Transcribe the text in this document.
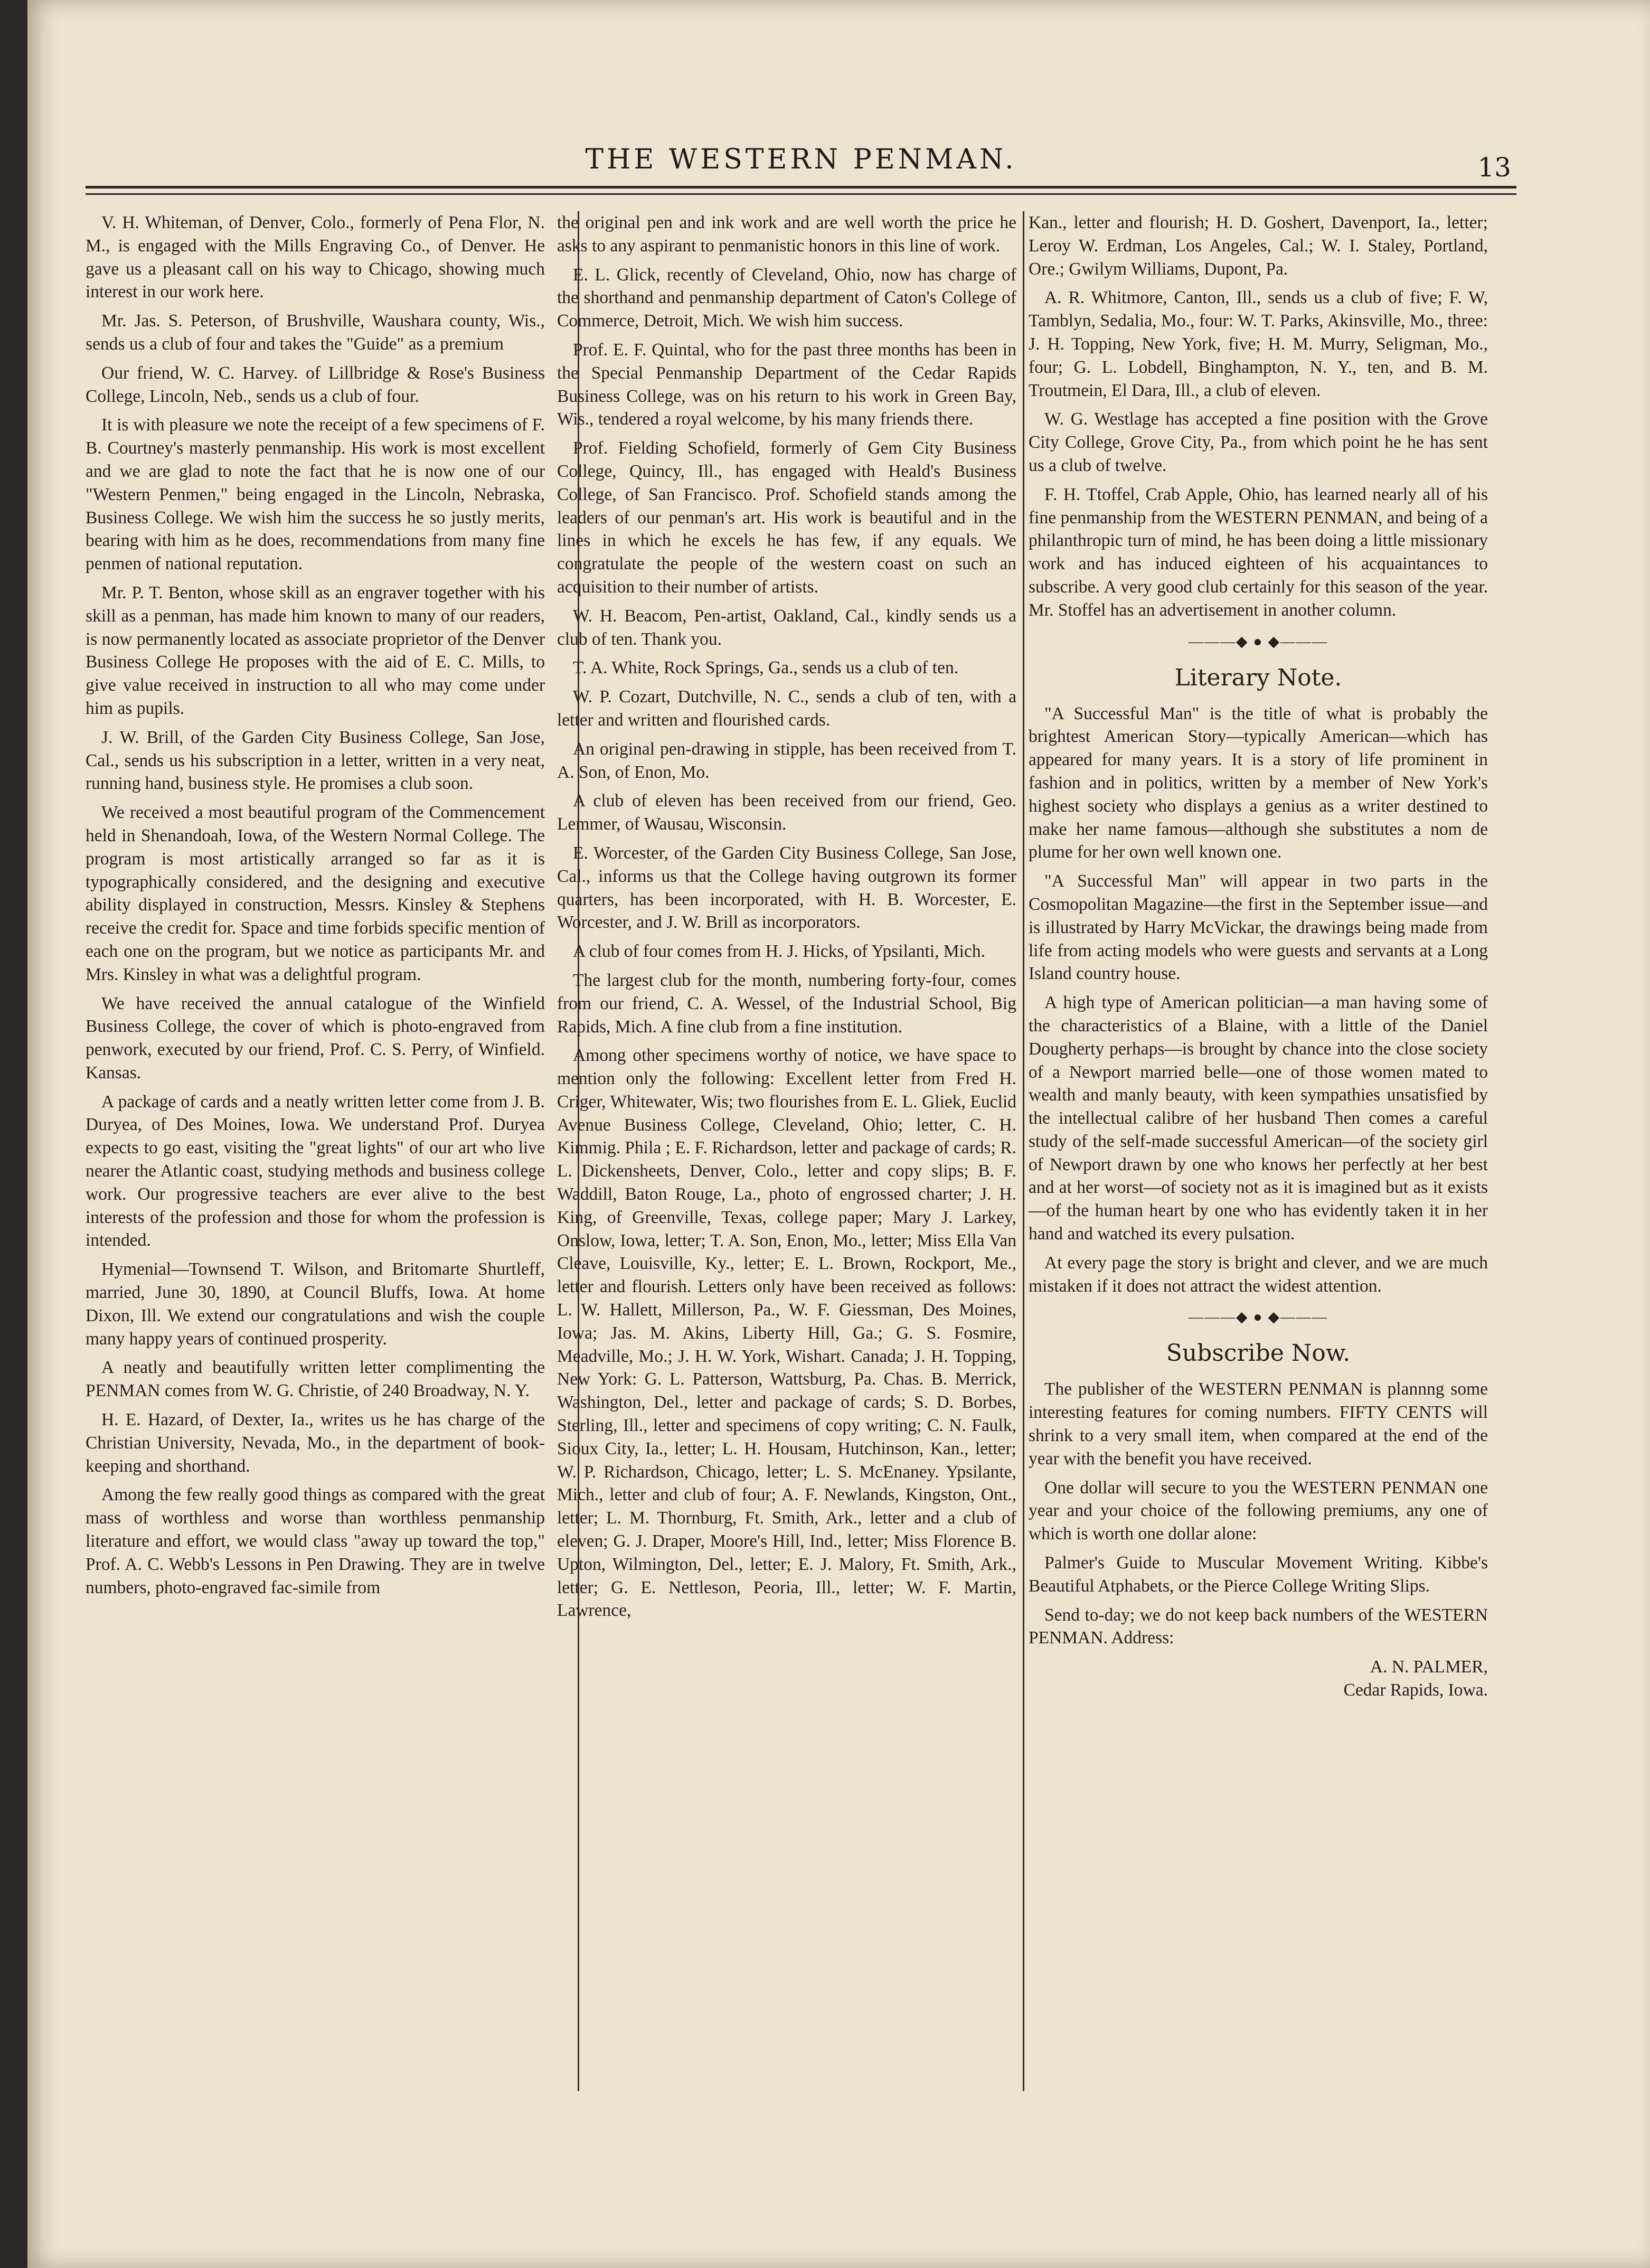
THE WESTERN PENMAN.	13

V. H. Whiteman, of Denver, Colo., formerly of Pena Flor, N. M., is engaged with the Mills Engraving Co., of Denver. He gave us a pleasant call on his way to Chicago, showing much interest in our work here.

Mr. Jas. S. Peterson, of Brushville, Waushara county, Wis., sends us a club of four and takes the "Guide" as a premium

Our friend, W. C. Harvey. of Lillbridge & Rose's Business College, Lincoln, Neb., sends us a club of four.

It is with pleasure we note the receipt of a few specimens of F. B. Courtney's masterly penmanship. His work is most excellent and we are glad to note the fact that he is now one of our "Western Penmen," being engaged in the Lincoln, Nebraska, Business College. We wish him the success he so justly merits, bearing with him as he does, recommendations from many fine penmen of national reputation.

Mr. P. T. Benton, whose skill as an engraver together with his skill as a penman, has made him known to many of our readers, is now permanently located as associate proprietor of the Denver Business College He proposes with the aid of E. C. Mills, to give value received in instruction to all who may come under him as pupils.

J. W. Brill, of the Garden City Business College, San Jose, Cal., sends us his subscription in a letter, written in a very neat, running hand, business style. He promises a club soon.

We received a most beautiful program of the Commencement held in Shenandoah, Iowa, of the Western Normal College. The program is most artistically arranged so far as it is typographically considered, and the designing and executive ability displayed in construction, Messrs. Kinsley & Stephens receive the credit for. Space and time forbids specific mention of each one on the program, but we notice as participants Mr. and Mrs. Kinsley in what was a delightful program.

We have received the annual catalogue of the Winfield Business College, the cover of which is photo-engraved from penwork, executed by our friend, Prof. C. S. Perry, of Winfield. Kansas.

A package of cards and a neatly written letter come from J. B. Duryea, of Des Moines, Iowa. We understand Prof. Duryea expects to go east, visiting the "great lights" of our art who live nearer the Atlantic coast, studying methods and business college work. Our progressive teachers are ever alive to the best interests of the profession and those for whom the profession is intended.

Hymenial—Townsend T. Wilson, and Britomarte Shurtleff, married, June 30, 1890, at Council Bluffs, Iowa. At home Dixon, Ill. We extend our congratulations and wish the couple many happy years of continued prosperity.

A neatly and beautifully written letter complimenting the PENMAN comes from W. G. Christie, of 240 Broadway, N. Y.

H. E. Hazard, of Dexter, Ia., writes us he has charge of the Christian University, Nevada, Mo., in the department of book-keeping and shorthand.

Among the few really good things as compared with the great mass of worthless and worse than worthless penmanship literature and effort, we would class "away up toward the top," Prof. A. C. Webb's Lessons in Pen Drawing. They are in twelve numbers, photo-engraved fac-simile from

the original pen and ink work and are well worth the price he asks to any aspirant to penmanistic honors in this line of work.

E. L. Glick, recently of Cleveland, Ohio, now has charge of the shorthand and penmanship department of Caton's College of Commerce, Detroit, Mich. We wish him success.

Prof. E. F. Quintal, who for the past three months has been in the Special Penmanship Department of the Cedar Rapids Business College, was on his return to his work in Green Bay, Wis., tendered a royal welcome, by his many friends there.

Prof. Fielding Schofield, formerly of Gem City Business College, Quincy, Ill., has engaged with Heald's Business College, of San Francisco. Prof. Schofield stands among the leaders of our penman's art. His work is beautiful and in the lines in which he excels he has few, if any equals. We congratulate the people of the western coast on such an acquisition to their number of artists.

W. H. Beacom, Pen-artist, Oakland, Cal., kindly sends us a club of ten. Thank you.

T. A. White, Rock Springs, Ga., sends us a club of ten.

W. P. Cozart, Dutchville, N. C., sends a club of ten, with a letter and written and flourished cards.

An original pen-drawing in stipple, has been received from T. A. Son, of Enon, Mo.

A club of eleven has been received from our friend, Geo. Lemmer, of Wausau, Wisconsin.

E. Worcester, of the Garden City Business College, San Jose, Cal., informs us that the College having outgrown its former quarters, has been incorporated, with H. B. Worcester, E. Worcester, and J. W. Brill as incorporators.

A club of four comes from H. J. Hicks, of Ypsilanti, Mich.

The largest club for the month, numbering forty-four, comes from our friend, C. A. Wessel, of the Industrial School, Big Rapids, Mich. A fine club from a fine institution.

Among other specimens worthy of notice, we have space to mention only the following: Excellent letter from Fred H. Criger, Whitewater, Wis; two flourishes from E. L. Gliek, Euclid Avenue Business College, Cleveland, Ohio; letter, C. H. Kimmig. Phila ; E. F. Richardson, letter and package of cards; R. L. Dickensheets, Denver, Colo., letter and copy slips; B. F. Waddill, Baton Rouge, La., photo of engrossed charter; J. H. King, of Greenville, Texas, college paper; Mary J. Larkey, Onslow, Iowa, letter; T. A. Son, Enon, Mo., letter; Miss Ella Van Cleave, Louisville, Ky., letter; E. L. Brown, Rockport, Me., letter and flourish. Letters only have been received as follows: L. W. Hallett, Millerson, Pa., W. F. Giessman, Des Moines, Iowa; Jas. M. Akins, Liberty Hill, Ga.; G. S. Fosmire, Meadville, Mo.; J. H. W. York, Wishart. Canada; J. H. Topping, New York: G. L. Patterson, Wattsburg, Pa. Chas. B. Merrick, Washington, Del., letter and package of cards; S. D. Borbes, Sterling, Ill., letter and specimens of copy writing; C. N. Faulk, Sioux City, Ia., letter; L. H. Housam, Hutchinson, Kan., letter; W. P. Richardson, Chicago, letter; L. S. McEnaney. Ypsilante, Mich., letter and club of four; A. F. Newlands, Kingston, Ont., letter; L. M. Thornburg, Ft. Smith, Ark., letter and a club of eleven; G. J. Draper, Moore's Hill, Ind., letter; Miss Florence B. Upton, Wilmington, Del., letter; E. J. Malory, Ft. Smith, Ark., letter; G. E. Nettleson, Peoria, Ill., letter; W. F. Martin, Lawrence,

Kan., letter and flourish; H. D. Goshert, Davenport, Ia., letter; Leroy W. Erdman, Los Angeles, Cal.; W. I. Staley, Portland, Ore.; Gwilym Williams, Dupont, Pa.

A. R. Whitmore, Canton, Ill., sends us a club of five; F. W, Tamblyn, Sedalia, Mo., four: W. T. Parks, Akinsville, Mo., three: J. H. Topping, New York, five; H. M. Murry, Seligman, Mo., four; G. L. Lobdell, Binghampton, N. Y., ten, and B. M. Troutmein, El Dara, Ill., a club of eleven.

W. G. Westlage has accepted a fine position with the Grove City College, Grove City, Pa., from which point he he has sent us a club of twelve.

F. H. Ttoffel, Crab Apple, Ohio, has learned nearly all of his fine penmanship from the WESTERN PENMAN, and being of a philanthropic turn of mind, he has been doing a little missionary work and has induced eighteen of his acquaintances to subscribe. A very good club certainly for this season of the year. Mr. Stoffel has an advertisement in another column.

———◆ ● ◆———
Literary Note.

"A Successful Man" is the title of what is probably the brightest American Story—typically American—which has appeared for many years. It is a story of life prominent in fashion and in politics, written by a member of New York's highest society who displays a genius as a writer destined to make her name famous—although she substitutes a nom de plume for her own well known one.

"A Successful Man" will appear in two parts in the Cosmopolitan Magazine—the first in the September issue—and is illustrated by Harry McVickar, the drawings being made from life from acting models who were guests and servants at a Long Island country house.

A high type of American politician—a man having some of the characteristics of a Blaine, with a little of the Daniel Dougherty perhaps—is brought by chance into the close society of a Newport married belle—one of those women mated to wealth and manly beauty, with keen sympathies unsatisfied by the intellectual calibre of her husband Then comes a careful study of the self-made successful American—of the society girl of Newport drawn by one who knows her perfectly at her best and at her worst—of society not as it is imagined but as it exists—of the human heart by one who has evidently taken it in her hand and watched its every pulsation.

At every page the story is bright and clever, and we are much mistaken if it does not attract the widest attention.

———◆ ● ◆———
Subscribe Now.

The publisher of the WESTERN PENMAN is plannng some interesting features for coming numbers. FIFTY CENTS will shrink to a very small item, when compared at the end of the year with the benefit you have received.

One dollar will secure to you the WESTERN PENMAN one year and your choice of the following premiums, any one of which is worth one dollar alone:

Palmer's Guide to Muscular Movement Writing. Kibbe's Beautiful Atphabets, or the Pierce College Writing Slips.

Send to-day; we do not keep back numbers of the WESTERN PENMAN. Address:

A. N. PALMER,

Cedar Rapids, Iowa.
